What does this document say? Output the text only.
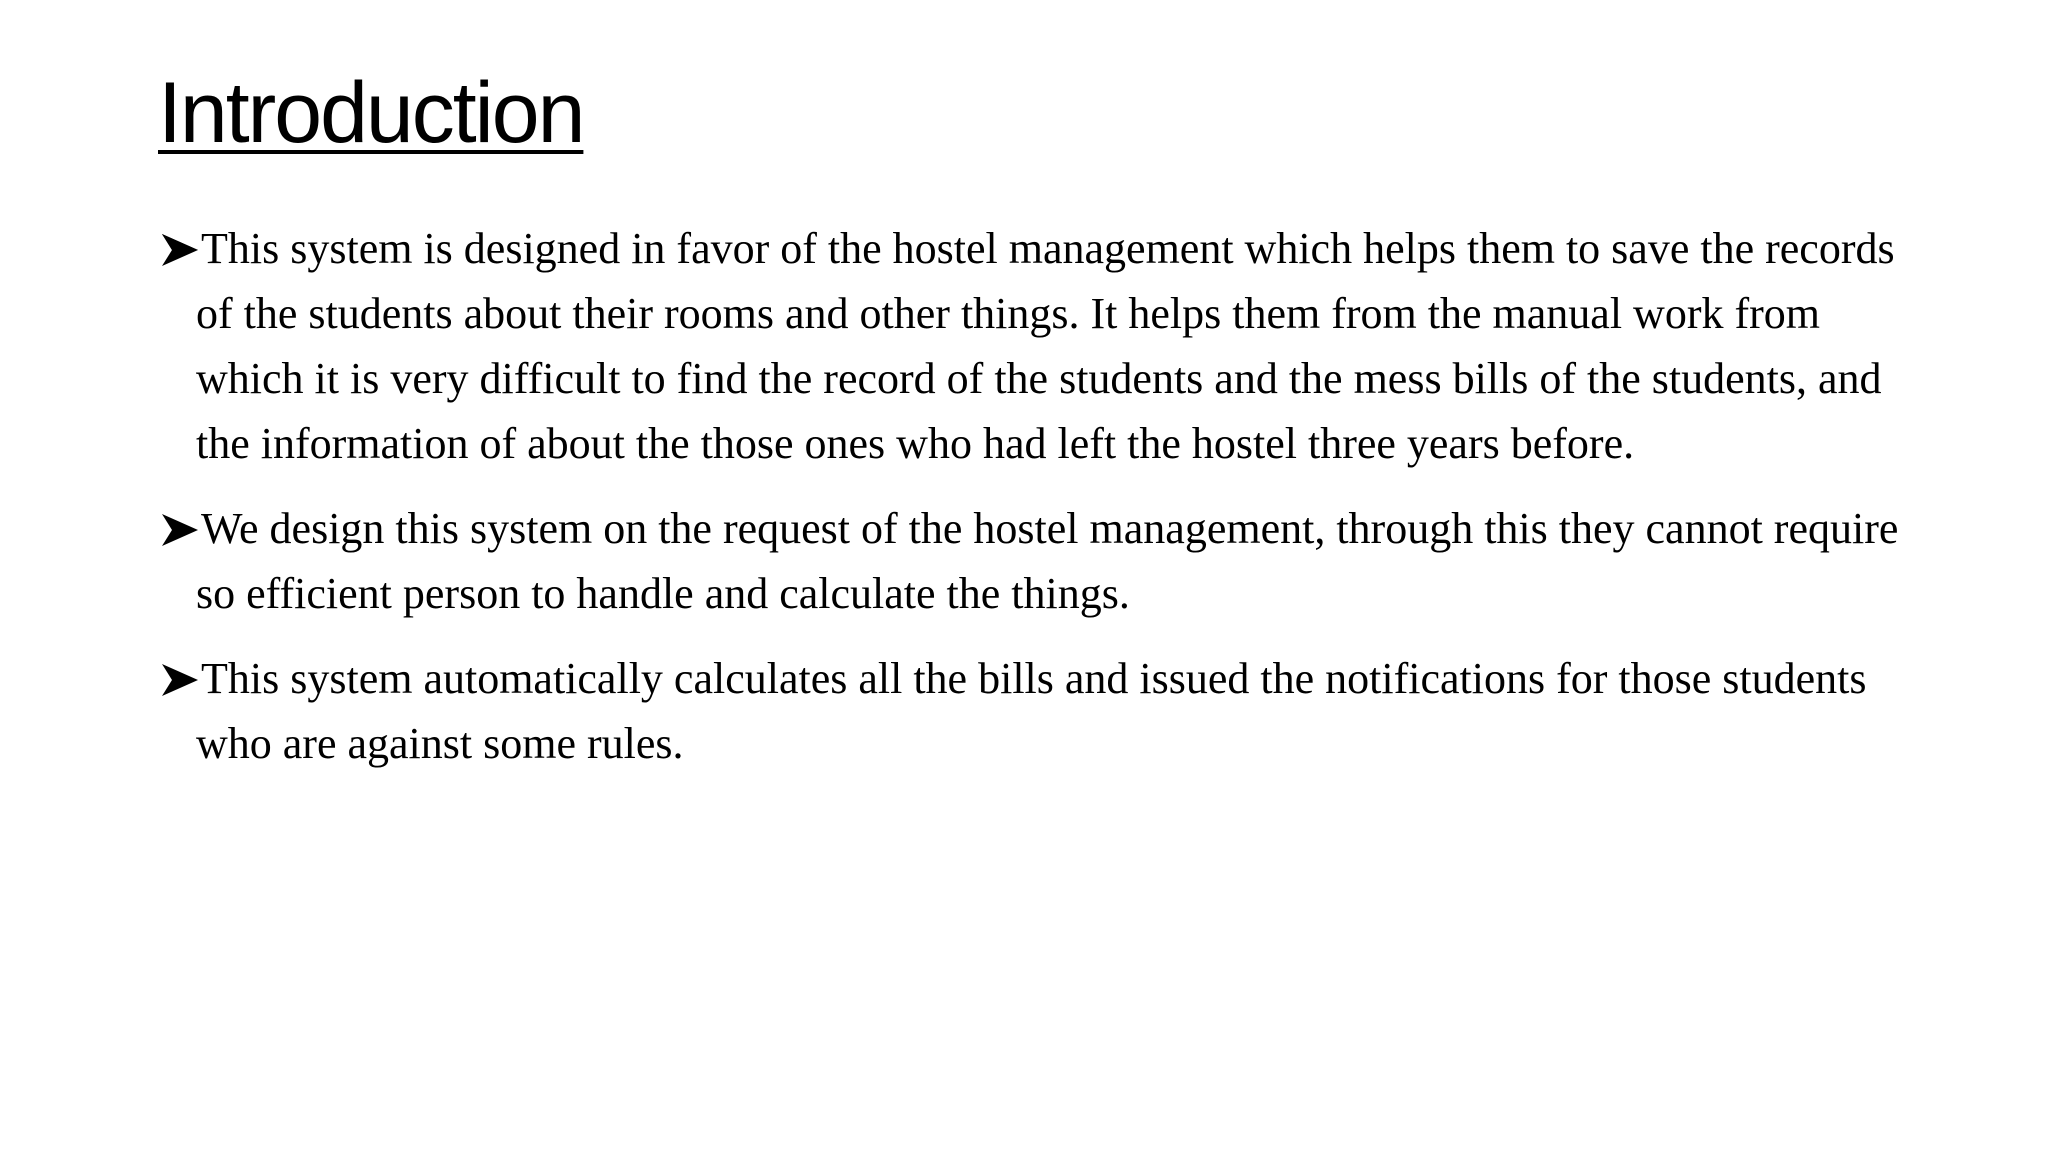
Introduction
This system is designed in favor of the hostel management which helps them to save the records of the students about their rooms and other things. It helps them from the manual work from which it is very difficult to find the record of the students and the mess bills of the students, and the information of about the those ones who had left the hostel three years before.
We design this system on the request of the hostel management, through this they cannot require so efficient person to handle and calculate the things.
This system automatically calculates all the bills and issued the notifications for those students who are against some rules.
